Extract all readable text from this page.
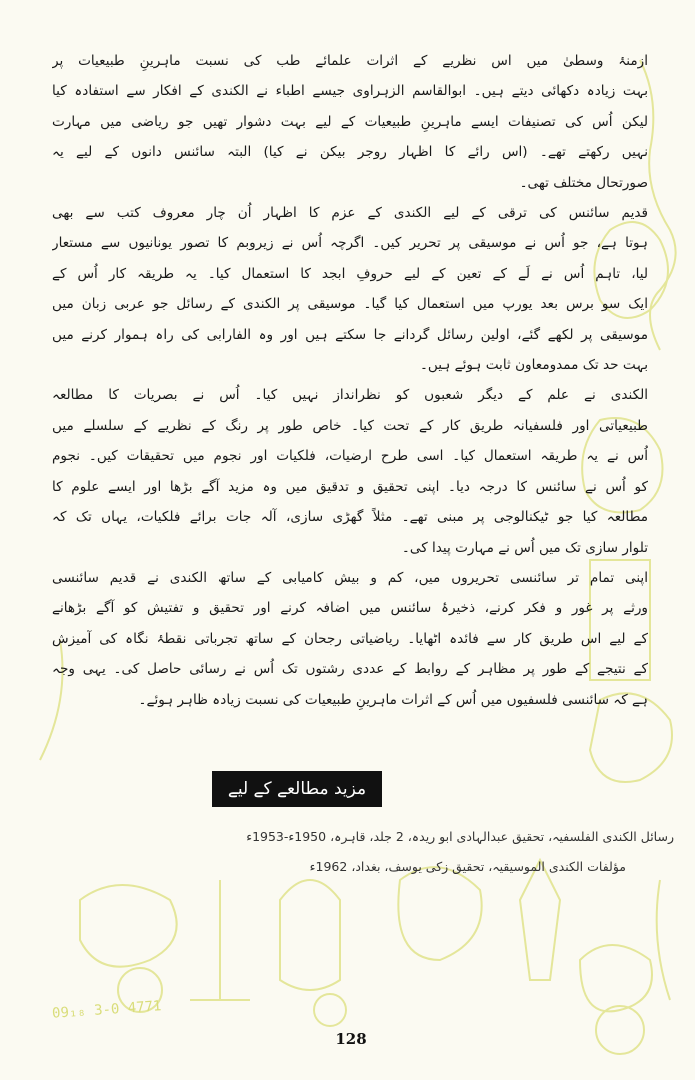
ازمنۂ وسطیٰ میں اس نظریے کے اثرات علمائے طب کی نسبت ماہرینِ طبیعیات پر
بہت زیادہ دکھائی دیتے ہیں۔ ابوالقاسم الزہراوی جیسے اطباء نے الکندی کے افکار سے استفادہ کیا
لیکن اُس کی تصنیفات ایسے ماہرینِ طبیعیات کے لیے بہت دشوار تھیں جو ریاضی میں مہارت
نہیں رکھتے تھے۔ (اس رائے کا اظہار روجر بیکن نے کیا) البتہ سائنس دانوں کے لیے یہ
صورتحال مختلف تھی۔

قدیم سائنس کی ترقی کے لیے الکندی کے عزم کا اظہار اُن چار معروف کتب سے بھی
ہوتا ہے، جو اُس نے موسیقی پر تحریر کیں۔ اگرچہ اُس نے زیروبم کا تصور یونانیوں سے مستعار
لیا، تاہم اُس نے لَے کے تعین کے لیے حروفِ ابجد کا استعمال کیا۔ یہ طریقہ کار اُس کے
ایک سو برس بعد یورپ میں استعمال کیا گیا۔ موسیقی پر الکندی کے رسائل جو عربی زبان میں
موسیقی پر لکھے گئے، اولین رسائل گردانے جا سکتے ہیں اور وہ الفارابی کی راہ ہموار کرنے میں
بہت حد تک ممدومعاون ثابت ہوئے ہیں۔

الکندی نے علم کے دیگر شعبوں کو نظرانداز نہیں کیا۔ اُس نے بصریات کا مطالعہ
طبیعیاتی اور فلسفیانہ طریق کار کے تحت کیا۔ خاص طور پر رنگ کے نظریے کے سلسلے میں
اُس نے یہ طریقہ استعمال کیا۔ اسی طرح ارضیات، فلکیات اور نجوم میں تحقیقات کیں۔ نجوم
کو اُس نے سائنس کا درجہ دیا۔ اپنی تحقیق و تدقیق میں وہ مزید آگے بڑھا اور ایسے علوم کا
مطالعہ کیا جو ٹیکنالوجی پر مبنی تھے۔ مثلاً گھڑی سازی، آلہ جات برائے فلکیات، یہاں تک کہ
تلوار سازی تک میں اُس نے مہارت پیدا کی۔

اپنی تمام تر سائنسی تحریروں میں، کم و بیش کامیابی کے ساتھ الکندی نے قدیم سائنسی
ورثے پر غور و فکر کرنے، ذخیرۂ سائنس میں اضافہ کرنے اور تحقیق و تفتیش کو آگے بڑھانے
کے لیے اس طریق کار سے فائدہ اٹھایا۔ ریاضیاتی رجحان کے ساتھ تجرباتی نقطۂ نگاہ کی آمیزش
کے نتیجے کے طور پر مظاہر کے روابط کے عددی رشتوں تک اُس نے رسائی حاصل کی۔ یہی وجہ
ہے کہ سائنسی فلسفیوں میں اُس کے اثرات ماہرینِ طبیعیات کی نسبت زیادہ ظاہر ہوئے۔

مزید مطالعے کے لیے
رسائل الکندی الفلسفیہ، تحقیق عبدالہادی ابو ریدہ، 2 جلد، قاہرہ، 1950ء-1953ء
مؤلفات الکندی الموسیقیہ، تحقیق زکی یوسف، بغداد، 1962ء
09₁₈ 3-0 4771
128
